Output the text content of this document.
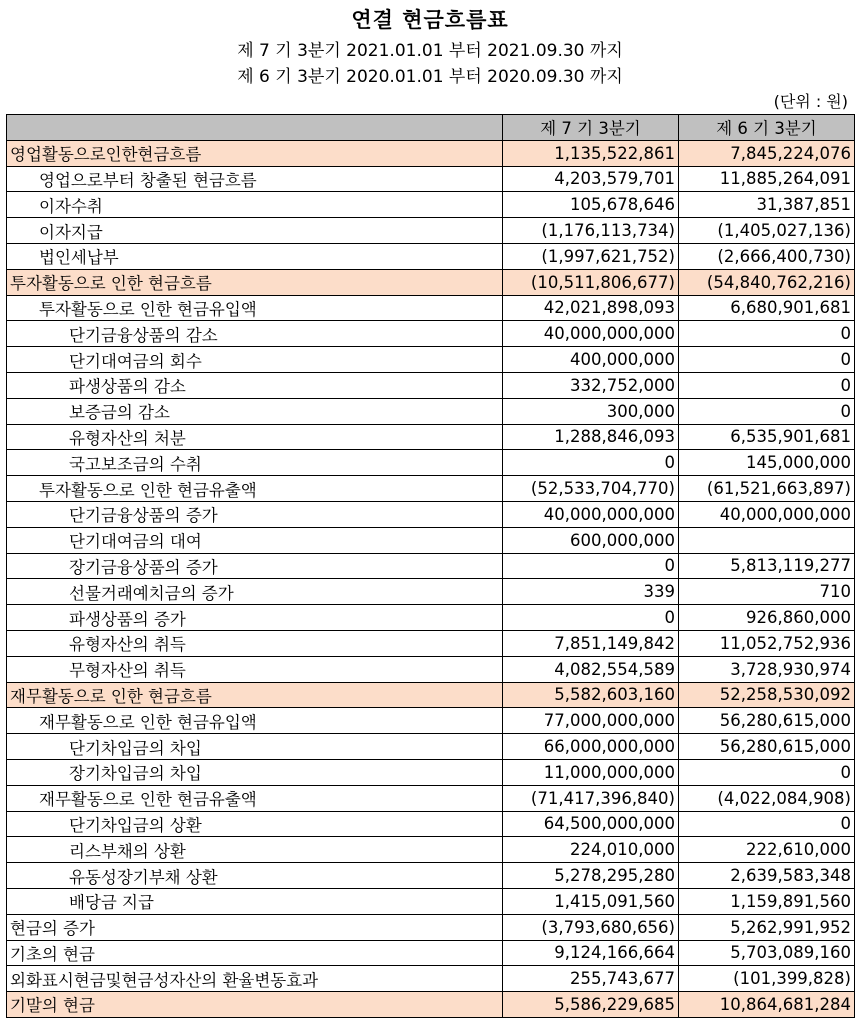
연결 현금흐름표
제 7 기 3분기 2021.01.01 부터 2021.09.30 까지
제 6 기 3분기 2020.01.01 부터 2020.09.30 까지
(단위 : 원)
	제 7 기 3분기	제 6 기 3분기
영업활동으로인한현금흐름	1,135,522,861	7,845,224,076
영업으로부터 창출된 현금흐름	4,203,579,701	11,885,264,091
이자수취	105,678,646	31,387,851
이자지급	(1,176,113,734)	(1,405,027,136)
법인세납부	(1,997,621,752)	(2,666,400,730)
투자활동으로 인한 현금흐름	(10,511,806,677)	(54,840,762,216)
투자활동으로 인한 현금유입액	42,021,898,093	6,680,901,681
단기금융상품의 감소	40,000,000,000	0
단기대여금의 회수	400,000,000	0
파생상품의 감소	332,752,000	0
보증금의 감소	300,000	0
유형자산의 처분	1,288,846,093	6,535,901,681
국고보조금의 수취	0	145,000,000
투자활동으로 인한 현금유출액	(52,533,704,770)	(61,521,663,897)
단기금융상품의 증가	40,000,000,000	40,000,000,000
단기대여금의 대여	600,000,000	
장기금융상품의 증가	0	5,813,119,277
선물거래예치금의 증가	339	710
파생상품의 증가	0	926,860,000
유형자산의 취득	7,851,149,842	11,052,752,936
무형자산의 취득	4,082,554,589	3,728,930,974
재무활동으로 인한 현금흐름	5,582,603,160	52,258,530,092
재무활동으로 인한 현금유입액	77,000,000,000	56,280,615,000
단기차입금의 차입	66,000,000,000	56,280,615,000
장기차입금의 차입	11,000,000,000	0
재무활동으로 인한 현금유출액	(71,417,396,840)	(4,022,084,908)
단기차입금의 상환	64,500,000,000	0
리스부채의 상환	224,010,000	222,610,000
유동성장기부채 상환	5,278,295,280	2,639,583,348
배당금 지급	1,415,091,560	1,159,891,560
현금의 증가	(3,793,680,656)	5,262,991,952
기초의 현금	9,124,166,664	5,703,089,160
외화표시현금및현금성자산의 환율변동효과	255,743,677	(101,399,828)
기말의 현금	5,586,229,685	10,864,681,284
